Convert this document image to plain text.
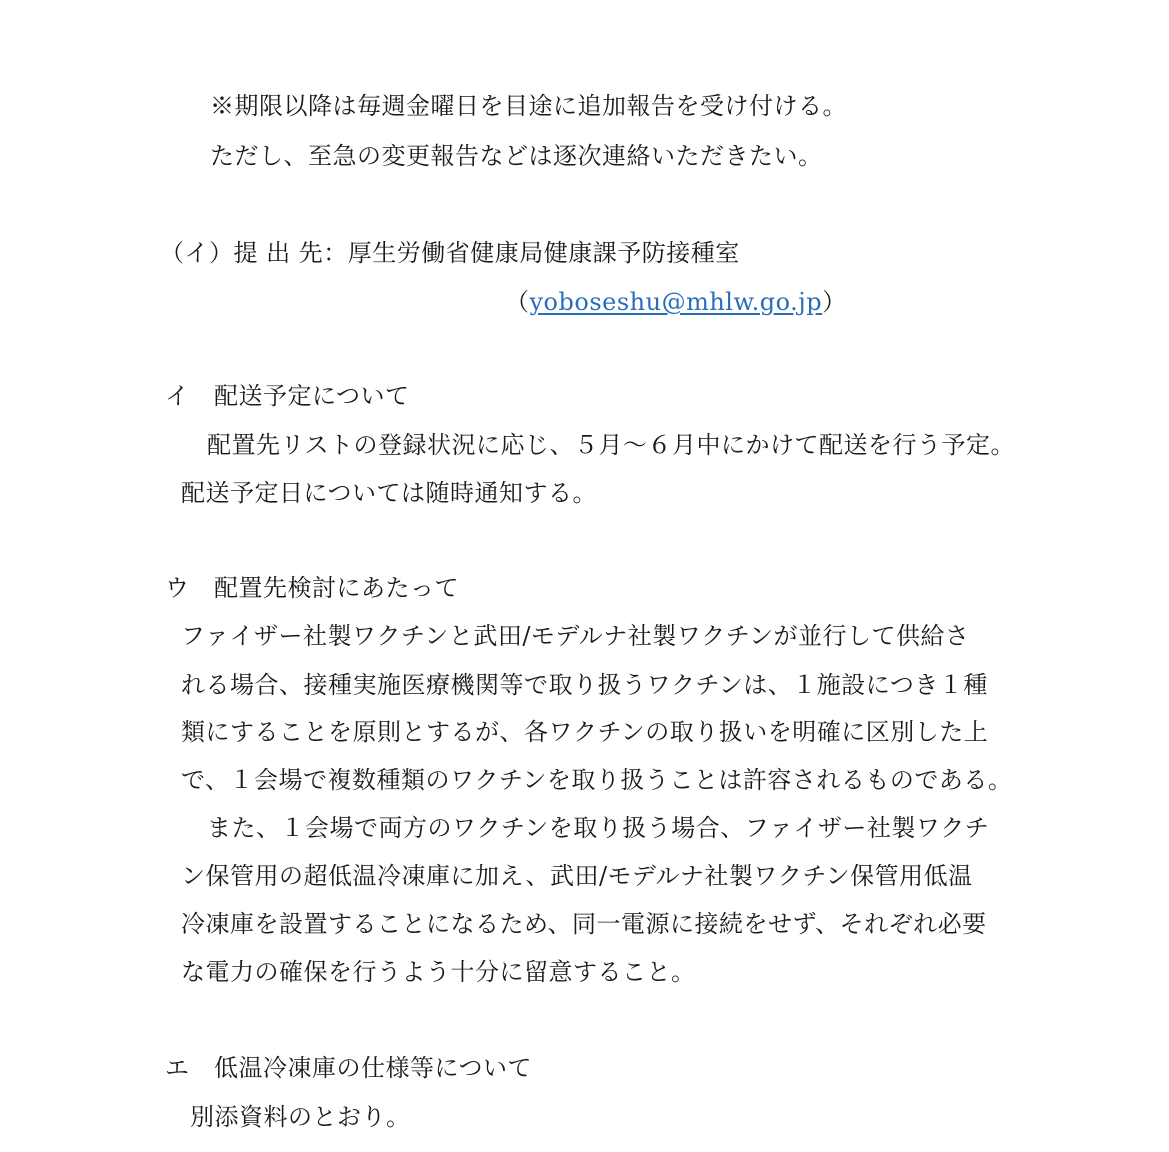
※期限以降は毎週金曜日を目途に追加報告を受け付ける。
ただし、至急の変更報告などは逐次連絡いただきたい。
（イ）提 出 先：厚生労働省健康局健康課予防接種室
（yoboseshu@mhlw.go.jp）
イ　配送予定について
配置先リストの登録状況に応じ、５月～６月中にかけて配送を行う予定。
配送予定日については随時通知する。
ウ　配置先検討にあたって
ファイザー社製ワクチンと武田/モデルナ社製ワクチンが並行して供給さ
れる場合、接種実施医療機関等で取り扱うワクチンは、１施設につき１種
類にすることを原則とするが、各ワクチンの取り扱いを明確に区別した上
で、１会場で複数種類のワクチンを取り扱うことは許容されるものである。
また、１会場で両方のワクチンを取り扱う場合、ファイザー社製ワクチ
ン保管用の超低温冷凍庫に加え、武田/モデルナ社製ワクチン保管用低温
冷凍庫を設置することになるため、同一電源に接続をせず、それぞれ必要
な電力の確保を行うよう十分に留意すること。
エ　低温冷凍庫の仕様等について
別添資料のとおり。
